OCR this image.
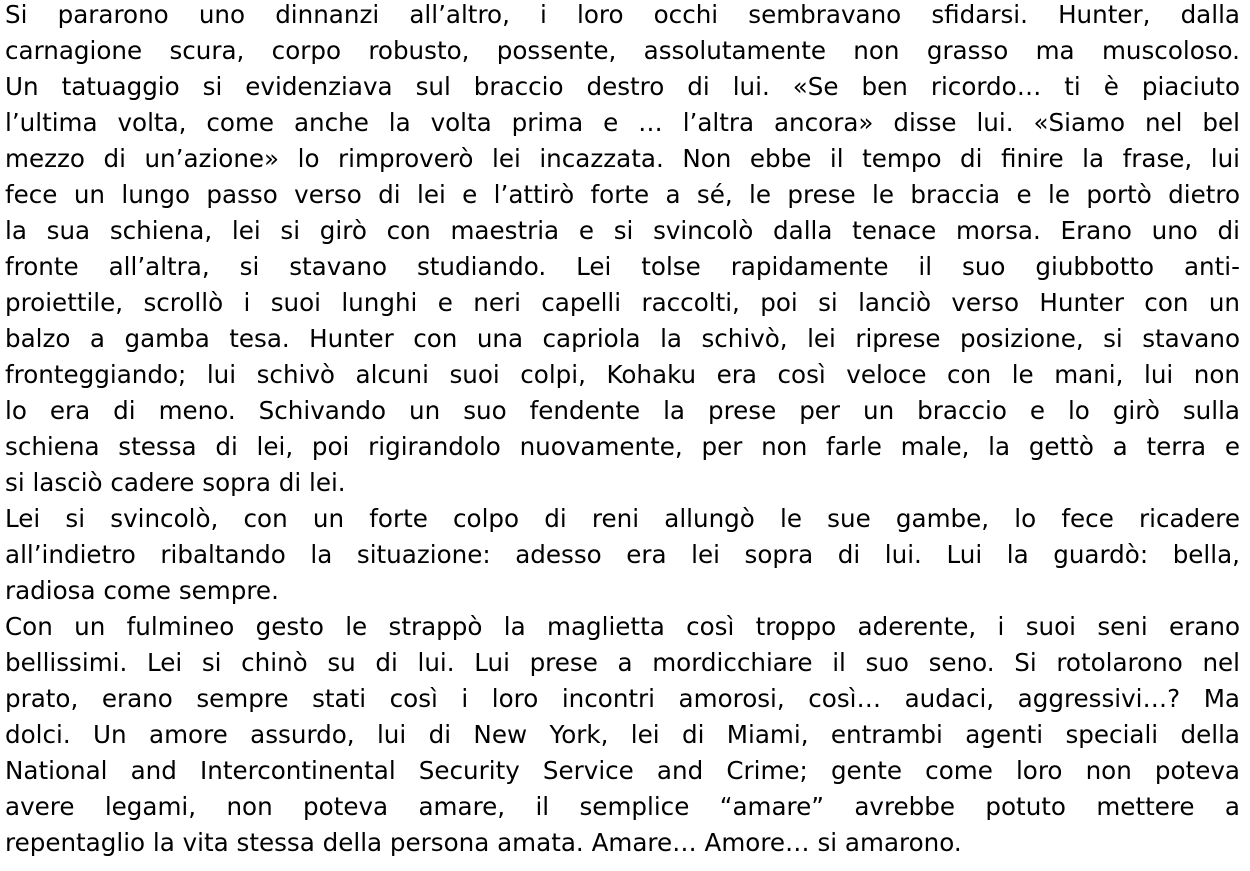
Si pararono uno dinnanzi all’altro, i loro occhi sembravano sfidarsi. Hunter, dalla
carnagione scura, corpo robusto, possente, assolutamente non grasso ma muscoloso.
Un tatuaggio si evidenziava sul braccio destro di lui. «Se ben ricordo… ti è piaciuto
l’ultima volta, come anche la volta prima e … l’altra ancora» disse lui. «Siamo nel bel
mezzo di un’azione» lo rimproverò lei incazzata. Non ebbe il tempo di finire la frase, lui
fece un lungo passo verso di lei e l’attirò forte a sé, le prese le braccia e le portò dietro
la sua schiena, lei si girò con maestria e si svincolò dalla tenace morsa. Erano uno di
fronte all’altra, si stavano studiando. Lei tolse rapidamente il suo giubbotto anti-
proiettile, scrollò i suoi lunghi e neri capelli raccolti, poi si lanciò verso Hunter con un
balzo a gamba tesa. Hunter con una capriola la schivò, lei riprese posizione, si stavano
fronteggiando; lui schivò alcuni suoi colpi, Kohaku era così veloce con le mani, lui non
lo era di meno. Schivando un suo fendente la prese per un braccio e lo girò sulla
schiena stessa di lei, poi rigirandolo nuovamente, per non farle male, la gettò a terra e
si lasciò cadere sopra di lei.
Lei si svincolò, con un forte colpo di reni allungò le sue gambe, lo fece ricadere
all’indietro ribaltando la situazione: adesso era lei sopra di lui. Lui la guardò: bella,
radiosa come sempre.
Con un fulmineo gesto le strappò la maglietta così troppo aderente, i suoi seni erano
bellissimi. Lei si chinò su di lui. Lui prese a mordicchiare il suo seno. Si rotolarono nel
prato, erano sempre stati così i loro incontri amorosi, così… audaci, aggressivi…? Ma
dolci. Un amore assurdo, lui di New York, lei di Miami, entrambi agenti speciali della
National and Intercontinental Security Service and Crime; gente come loro non poteva
avere legami, non poteva amare, il semplice “amare” avrebbe potuto mettere a
repentaglio la vita stessa della persona amata. Amare… Amore… si amarono.
